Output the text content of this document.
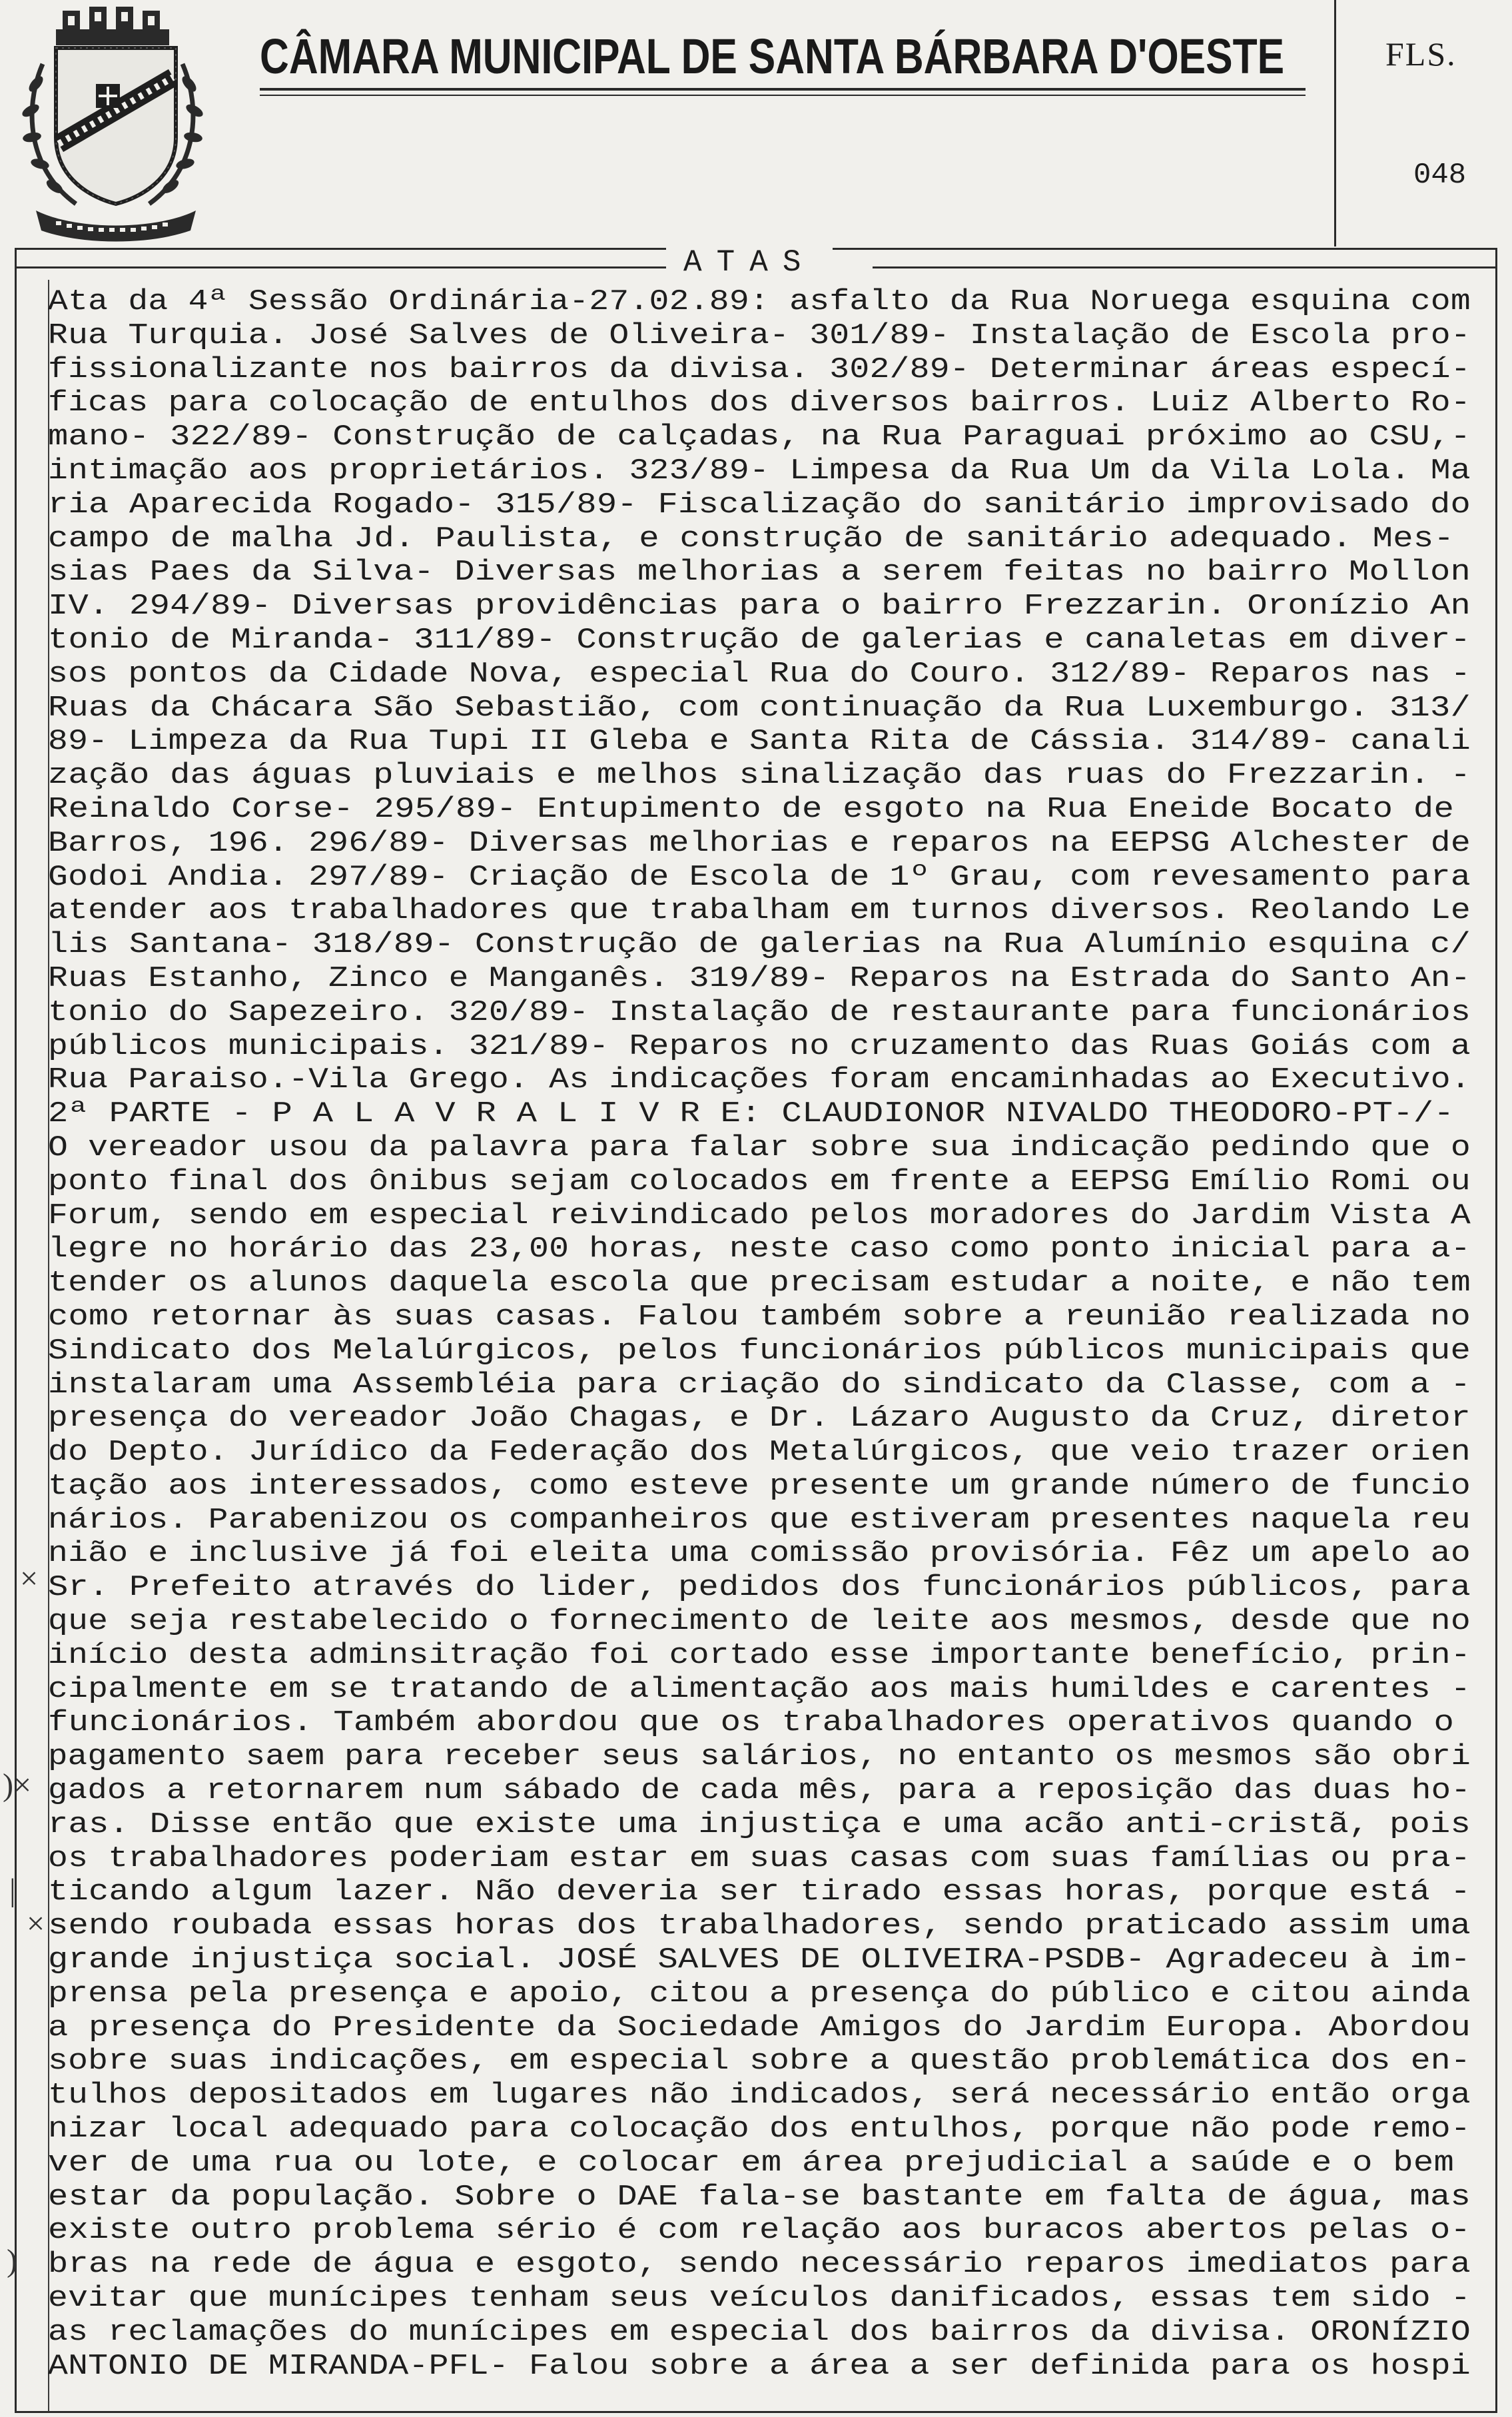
CÂMARA MUNICIPAL DE SANTA BÁRBARA D'OESTE	FLS.
048
ATAS
Ata da 4ª Sessão Ordinária-27.02.89: asfalto da Rua Noruega esquina com
Rua Turquia. José Salves de Oliveira- 301/89- Instalação de Escola pro-
fissionalizante nos bairros da divisa. 302/89- Determinar áreas especí-
ficas para colocação de entulhos dos diversos bairros. Luiz Alberto Ro-
mano- 322/89- Construção de calçadas, na Rua Paraguai próximo ao CSU,-
intimação aos proprietários. 323/89- Limpesa da Rua Um da Vila Lola. Ma
ria Aparecida Rogado- 315/89- Fiscalização do sanitário improvisado do
campo de malha Jd. Paulista, e construção de sanitário adequado. Mes-
sias Paes da Silva- Diversas melhorias a serem feitas no bairro Mollon
IV. 294/89- Diversas providências para o bairro Frezzarin. Oronízio An
tonio de Miranda- 311/89- Construção de galerias e canaletas em diver-
sos pontos da Cidade Nova, especial Rua do Couro. 312/89- Reparos nas -
Ruas da Chácara São Sebastião, com continuação da Rua Luxemburgo. 313/
89- Limpeza da Rua Tupi II Gleba e Santa Rita de Cássia. 314/89- canali
zação das águas pluviais e melhos sinalização das ruas do Frezzarin. -
Reinaldo Corse- 295/89- Entupimento de esgoto na Rua Eneide Bocato de
Barros, 196. 296/89- Diversas melhorias e reparos na EEPSG Alchester de
Godoi Andia. 297/89- Criação de Escola de 1º Grau, com revesamento para
atender aos trabalhadores que trabalham em turnos diversos. Reolando Le
lis Santana- 318/89- Construção de galerias na Rua Alumínio esquina c/
Ruas Estanho, Zinco e Manganês. 319/89- Reparos na Estrada do Santo An-
tonio do Sapezeiro. 320/89- Instalação de restaurante para funcionários
públicos municipais. 321/89- Reparos no cruzamento das Ruas Goiás com a
Rua Paraiso.-Vila Grego. As indicações foram encaminhadas ao Executivo.
2ª PARTE - P A L A V R A L I V R E: CLAUDIONOR NIVALDO THEODORO-PT-/-
O vereador usou da palavra para falar sobre sua indicação pedindo que o
ponto final dos ônibus sejam colocados em frente a EEPSG Emílio Romi ou
Forum, sendo em especial reivindicado pelos moradores do Jardim Vista A
legre no horário das 23,00 horas, neste caso como ponto inicial para a-
tender os alunos daquela escola que precisam estudar a noite, e não tem
como retornar às suas casas. Falou também sobre a reunião realizada no
Sindicato dos Melalúrgicos, pelos funcionários públicos municipais que
instalaram uma Assembléia para criação do sindicato da Classe, com a -
presença do vereador João Chagas, e Dr. Lázaro Augusto da Cruz, diretor
do Depto. Jurídico da Federação dos Metalúrgicos, que veio trazer orien
tação aos interessados, como esteve presente um grande número de funcio
nários. Parabenizou os companheiros que estiveram presentes naquela reu
nião e inclusive já foi eleita uma comissão provisória. Fêz um apelo ao
Sr. Prefeito através do lider, pedidos dos funcionários públicos, para
que seja restabelecido o fornecimento de leite aos mesmos, desde que no
início desta adminsitração foi cortado esse importante benefício, prin-
cipalmente em se tratando de alimentação aos mais humildes e carentes -
funcionários. Também abordou que os trabalhadores operativos quando o
pagamento saem para receber seus salários, no entanto os mesmos são obri
gados a retornarem num sábado de cada mês, para a reposição das duas ho-
ras. Disse então que existe uma injustiça e uma acão anti-cristã, pois
os trabalhadores poderiam estar em suas casas com suas famílias ou pra-
ticando algum lazer. Não deveria ser tirado essas horas, porque está -
sendo roubada essas horas dos trabalhadores, sendo praticado assim uma
grande injustiça social. JOSÉ SALVES DE OLIVEIRA-PSDB- Agradeceu à im-
prensa pela presença e apoio, citou a presença do público e citou ainda
a presença do Presidente da Sociedade Amigos do Jardim Europa. Abordou
sobre suas indicações, em especial sobre a questão problemática dos en-
tulhos depositados em lugares não indicados, será necessário então orga
nizar local adequado para colocação dos entulhos, porque não pode remo-
ver de uma rua ou lote, e colocar em área prejudicial a saúde e o bem
estar da população. Sobre o DAE fala-se bastante em falta de água, mas
existe outro problema sério é com relação aos buracos abertos pelas o-
bras na rede de água e esgoto, sendo necessário reparos imediatos para
evitar que munícipes tenham seus veículos danificados, essas tem sido -
as reclamações do munícipes em especial dos bairros da divisa. ORONÍZIO
ANTONIO DE MIRANDA-PFL- Falou sobre a área a ser definida para os hospi
×
)×
|
×
)
